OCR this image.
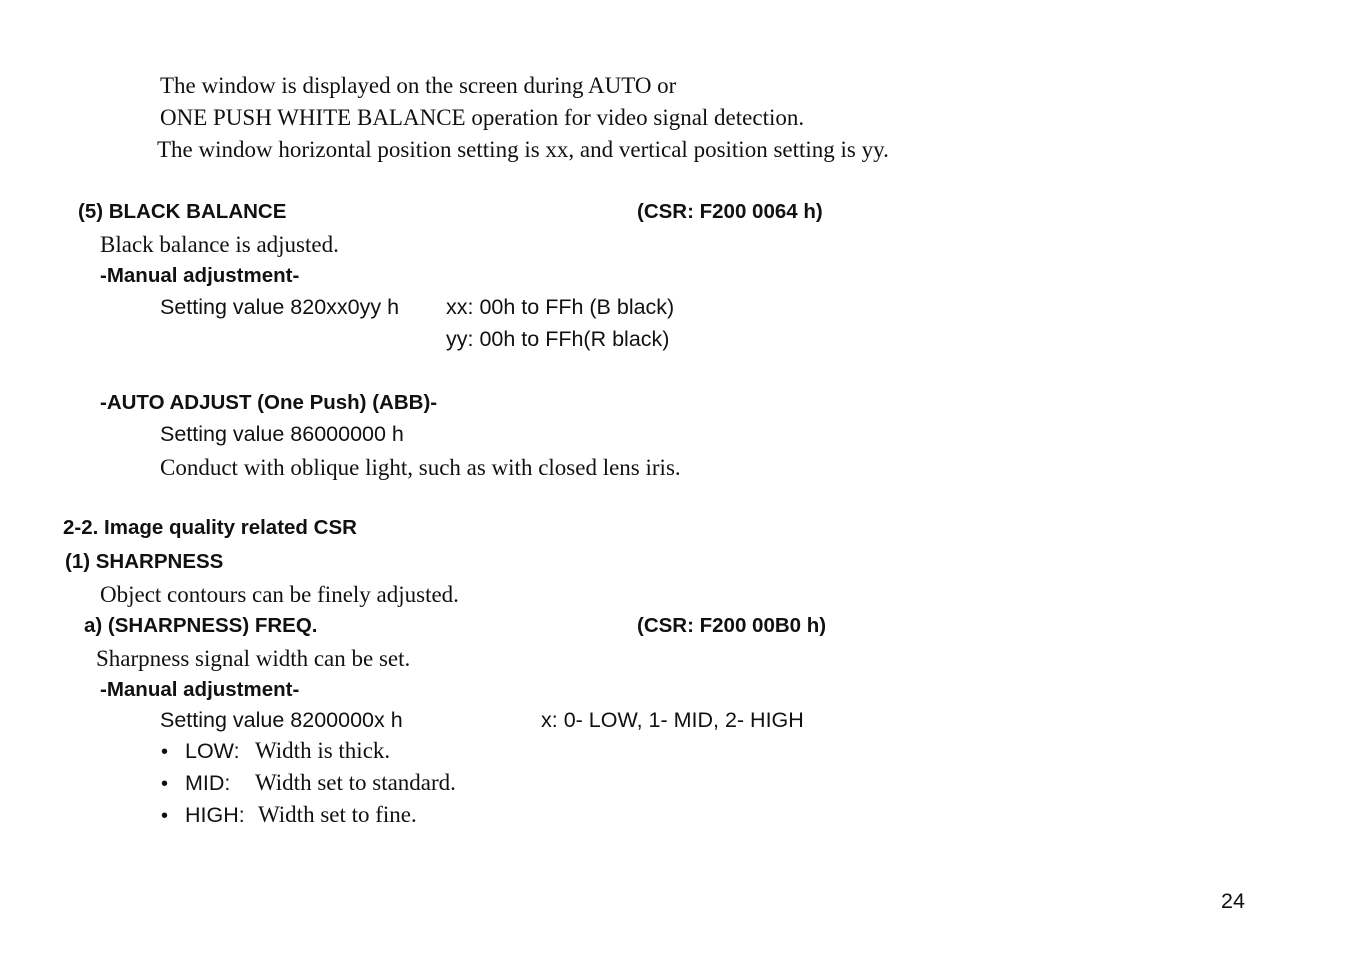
The window is displayed on the screen during AUTO or
ONE PUSH WHITE BALANCE operation for video signal detection.
The window horizontal position setting is xx, and vertical position setting is yy.
(5) BLACK BALANCE	(CSR: F200 0064 h)
Black balance is adjusted.
-Manual adjustment-
Setting value 820xx0yy h xx: 00h to FFh (B black)
yy: 00h to FFh(R black)
-AUTO ADJUST (One Push) (ABB)-
Setting value 86000000 h
Conduct with oblique light, such as with closed lens iris.
2-2. Image quality related CSR
(1) SHARPNESS
Object contours can be finely adjusted.
a) (SHARPNESS) FREQ.	(CSR: F200 00B0 h)
Sharpness signal width can be set.
-Manual adjustment-
Setting value 8200000x h	x: 0- LOW, 1- MID, 2- HIGH
• LOW: Width is thick.
• MID: Width set to standard.
• HIGH: Width set to fine.
24
